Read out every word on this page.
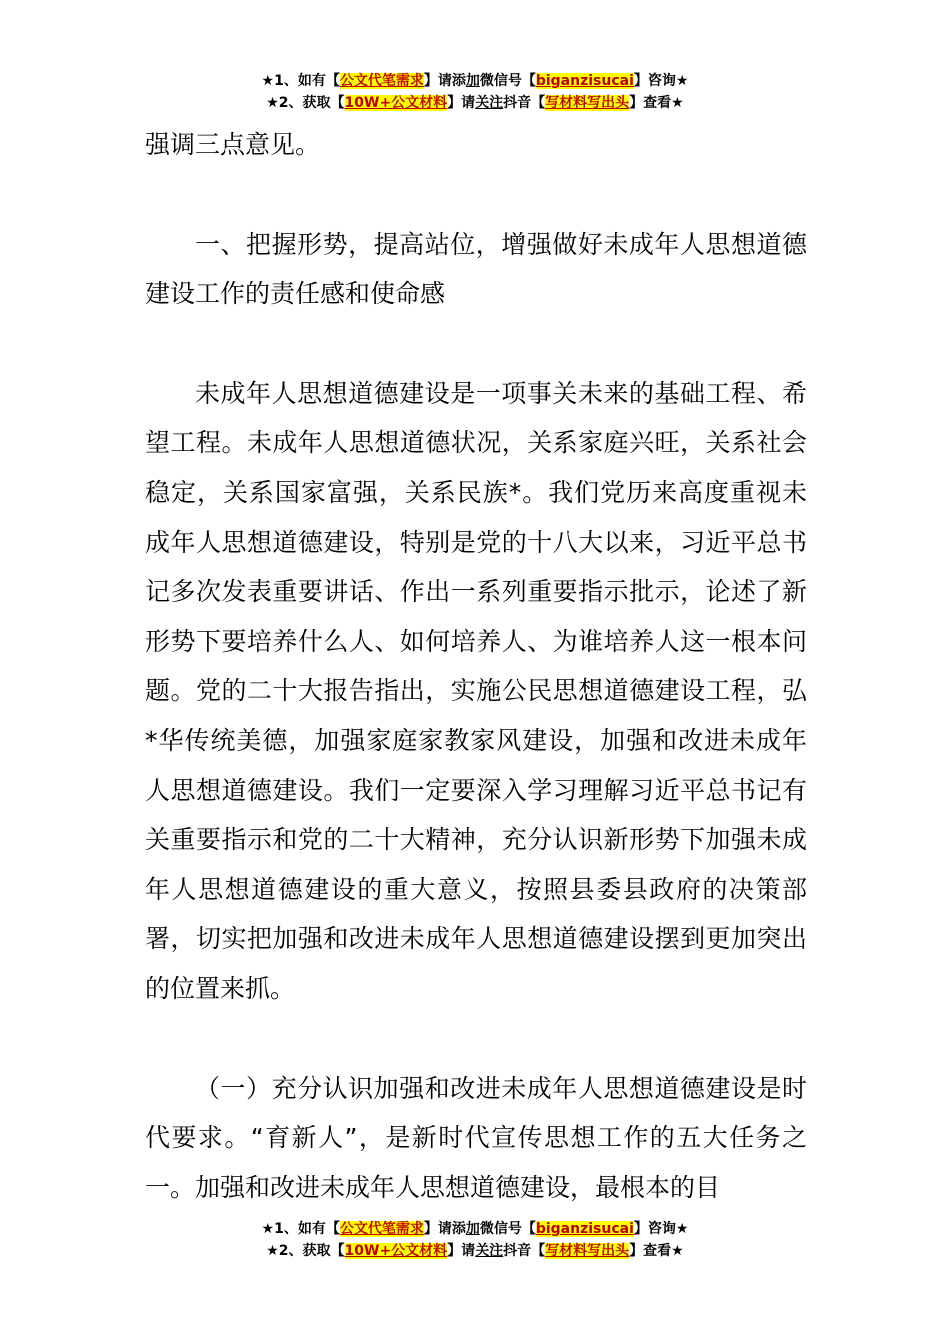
★1、如有【公文代笔需求】请添加微信号【biganzisucai】咨询★
★2、获取【10W+公文材料】请关注抖音【写材料写出头】查看★

强调三点意见。

一、把握形势，提高站位，增强做好未成年人思想道德建设工作的责任感和使命感

未成年人思想道德建设是一项事关未来的基础工程、希望工程。未成年人思想道德状况，关系家庭兴旺，关系社会稳定，关系国家富强，关系民族*。我们党历来高度重视未成年人思想道德建设，特别是党的十八大以来，习近平总书记多次发表重要讲话、作出一系列重要指示批示，论述了新形势下要培养什么人、如何培养人、为谁培养人这一根本问题。党的二十大报告指出，实施公民思想道德建设工程，弘*华传统美德，加强家庭家教家风建设，加强和改进未成年人思想道德建设。我们一定要深入学习理解习近平总书记有关重要指示和党的二十大精神，充分认识新形势下加强未成年人思想道德建设的重大意义，按照县委县政府的决策部署，切实把加强和改进未成年人思想道德建设摆到更加突出的位置来抓。

（一）充分认识加强和改进未成年人思想道德建设是时代要求。“育新人”，是新时代宣传思想工作的五大任务之一。加强和改进未成年人思想道德建设，最根本的目

★1、如有【公文代笔需求】请添加微信号【biganzisucai】咨询★
★2、获取【10W+公文材料】请关注抖音【写材料写出头】查看★
